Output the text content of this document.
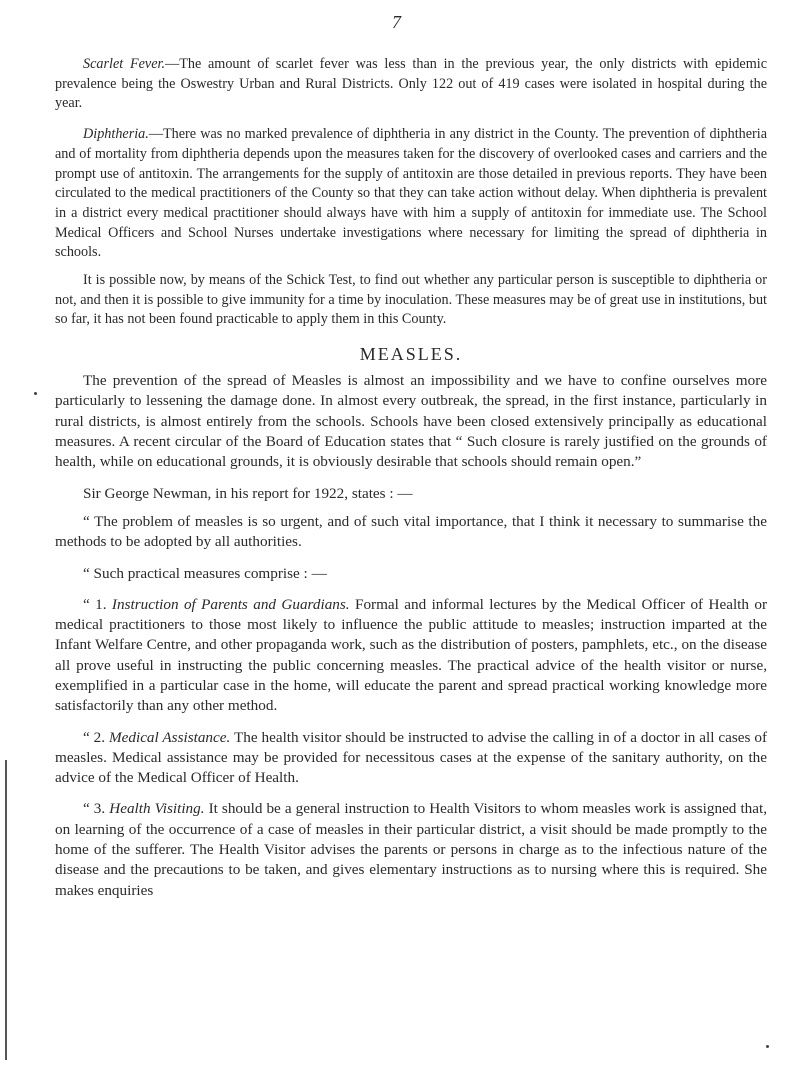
7

Scarlet Fever.—The amount of scarlet fever was less than in the previous year, the only districts with epidemic prevalence being the Oswestry Urban and Rural Districts. Only 122 out of 419 cases were isolated in hospital during the year.

Diphtheria.—There was no marked prevalence of diphtheria in any district in the County. The prevention of diphtheria and of mortality from diphtheria depends upon the measures taken for the discovery of overlooked cases and carriers and the prompt use of antitoxin. The arrangements for the supply of antitoxin are those detailed in previous reports. They have been circulated to the medical practitioners of the County so that they can take action without delay. When diphtheria is prevalent in a district every medical practitioner should always have with him a supply of antitoxin for immediate use. The School Medical Officers and School Nurses undertake investigations where necessary for limiting the spread of diphtheria in schools.

It is possible now, by means of the Schick Test, to find out whether any particular person is susceptible to diphtheria or not, and then it is possible to give immunity for a time by inoculation. These measures may be of great use in institutions, but so far, it has not been found practicable to apply them in this County.

MEASLES.

The prevention of the spread of Measles is almost an impossibility and we have to confine ourselves more particularly to lessening the damage done. In almost every outbreak, the spread, in the first instance, particularly in rural districts, is almost entirely from the schools. Schools have been closed extensively principally as educational measures. A recent circular of the Board of Education states that “ Such closure is rarely justified on the grounds of health, while on educational grounds, it is obviously desirable that schools should remain open.”

Sir George Newman, in his report for 1922, states : —

“ The problem of measles is so urgent, and of such vital importance, that I think it necessary to summarise the methods to be adopted by all authorities.

“ Such practical measures comprise : —

“ 1. Instruction of Parents and Guardians. Formal and informal lectures by the Medical Officer of Health or medical practitioners to those most likely to influence the public attitude to measles; instruction imparted at the Infant Welfare Centre, and other propaganda work, such as the distribution of posters, pamphlets, etc., on the disease all prove useful in instructing the public concerning measles. The practical advice of the health visitor or nurse, exemplified in a particular case in the home, will educate the parent and spread practical working knowledge more satisfactorily than any other method.

“ 2. Medical Assistance. The health visitor should be instructed to advise the calling in of a doctor in all cases of measles. Medical assistance may be provided for necessitous cases at the expense of the sanitary authority, on the advice of the Medical Officer of Health.

“ 3. Health Visiting. It should be a general instruction to Health Visitors to whom measles work is assigned that, on learning of the occurrence of a case of measles in their particular district, a visit should be made promptly to the home of the sufferer. The Health Visitor advises the parents or persons in charge as to the infectious nature of the disease and the precautions to be taken, and gives elementary instructions as to nursing where this is required. She makes enquiries
